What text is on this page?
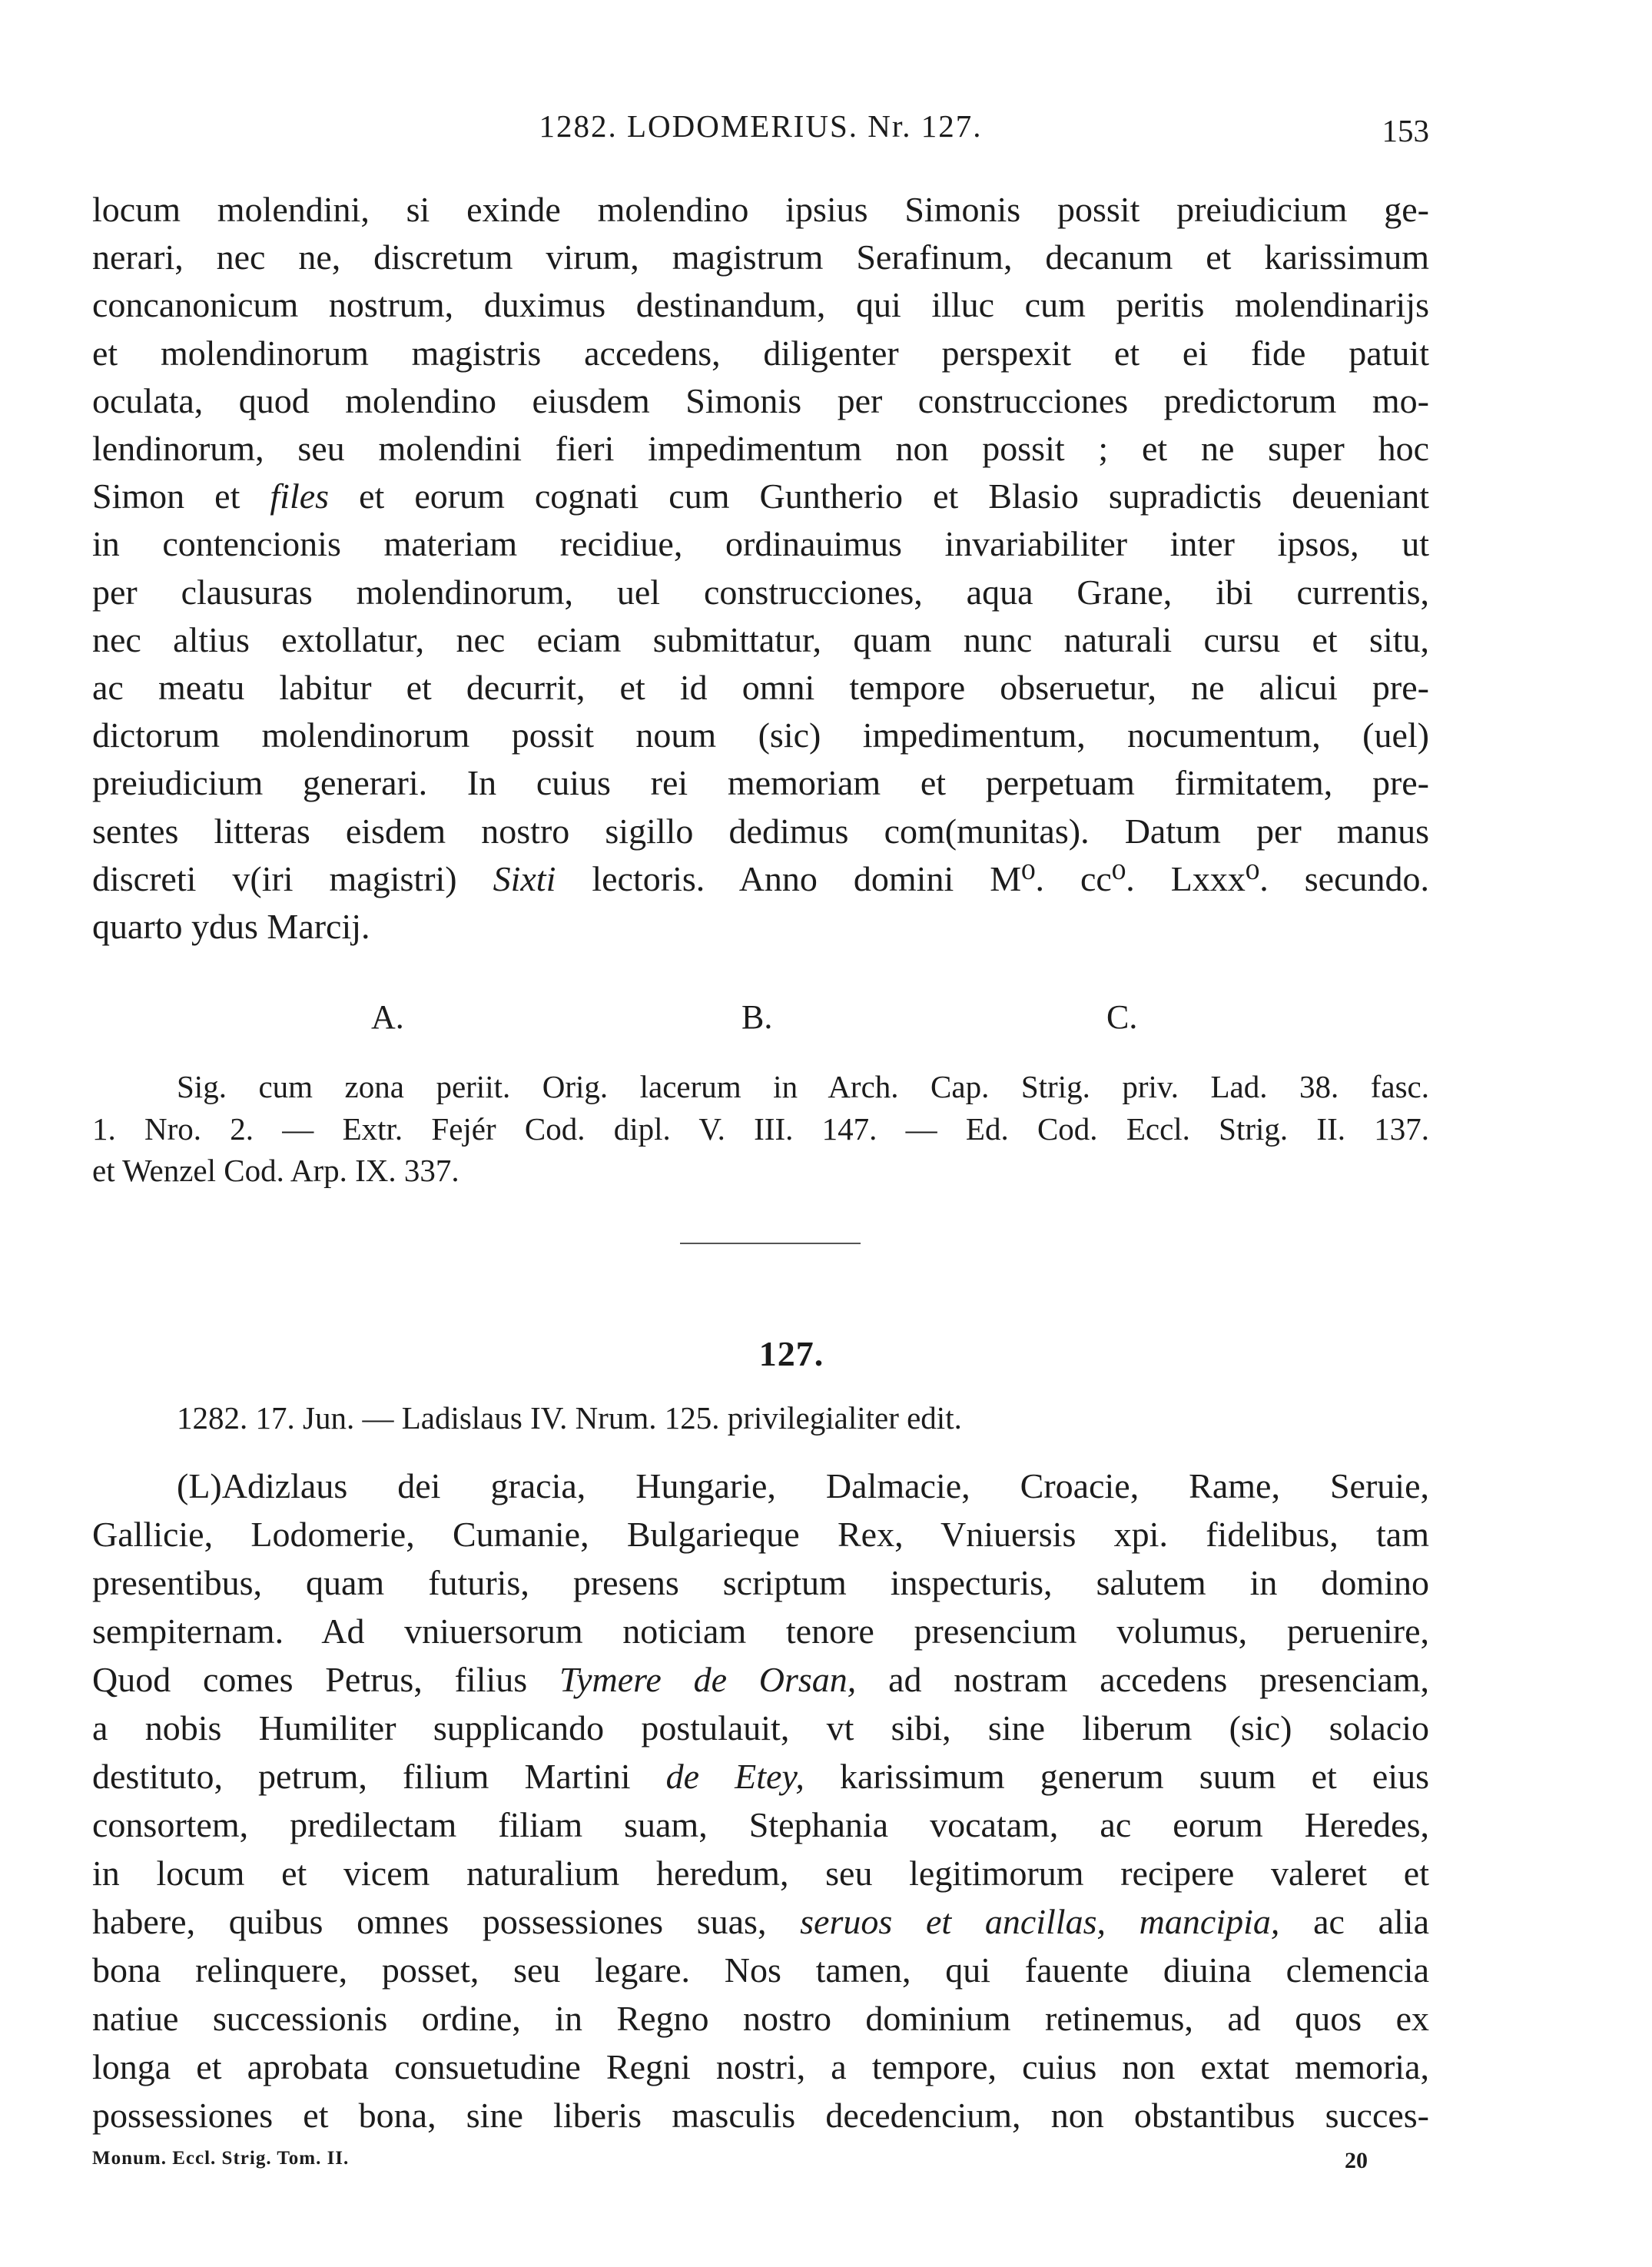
1282. LODOMERIUS. Nr. 127.	153
locum molendini, si exinde molendino ipsius Simonis possit preiudicium ge-
nerari, nec ne, discretum virum, magistrum Serafinum, decanum et karissimum
concanonicum nostrum, duximus destinandum, qui illuc cum peritis molendinarijs
et molendinorum magistris accedens, diligenter perspexit et ei fide patuit
oculata, quod molendino eiusdem Simonis per construcciones predictorum mo-
lendinorum, seu molendini fieri impedimentum non possit ; et ne super hoc
Simon et files et eorum cognati cum Guntherio et Blasio supradictis deueniant
in contencionis materiam recidiue, ordinauimus invariabiliter inter ipsos, ut
per clausuras molendinorum, uel construcciones, aqua Grane, ibi currentis,
nec altius extollatur, nec eciam submittatur, quam nunc naturali cursu et situ,
ac meatu labitur et decurrit, et id omni tempore obseruetur, ne alicui pre-
dictorum molendinorum possit noum (sic) impedimentum, nocumentum, (uel)
preiudicium generari. In cuius rei memoriam et perpetuam firmitatem, pre-
sentes litteras eisdem nostro sigillo dedimus com(munitas). Datum per manus
discreti v(iri magistri) Sixti lectoris. Anno domini M⁰. cc⁰. Lxxx⁰. secundo.
quarto ydus Marcij.
A.	B.	C.
Sig. cum zona periit. Orig. lacerum in Arch. Cap. Strig. priv. Lad. 38. fasc.
1. Nro. 2. — Extr. Fejér Cod. dipl. V. III. 147. — Ed. Cod. Eccl. Strig. II. 137.
et Wenzel Cod. Arp. IX. 337.
127.
1282. 17. Jun. — Ladislaus IV. Nrum. 125. privilegialiter edit.
(L)Adizlaus dei gracia, Hungarie, Dalmacie, Croacie, Rame, Seruie,
Gallicie, Lodomerie, Cumanie, Bulgarieque Rex, Vniuersis xpi. fidelibus, tam
presentibus, quam futuris, presens scriptum inspecturis, salutem in domino
sempiternam. Ad vniuersorum noticiam tenore presencium volumus, peruenire,
Quod comes Petrus, filius Tymere de Orsan, ad nostram accedens presenciam,
a nobis Humiliter supplicando postulauit, vt sibi, sine liberum (sic) solacio
destituto, petrum, filium Martini de Etey, karissimum generum suum et eius
consortem, predilectam filiam suam, Stephania vocatam, ac eorum Heredes,
in locum et vicem naturalium heredum, seu legitimorum recipere valeret et
habere, quibus omnes possessiones suas, seruos et ancillas, mancipia, ac alia
bona relinquere, posset, seu legare. Nos tamen, qui fauente diuina clemencia
natiue successionis ordine, in Regno nostro dominium retinemus, ad quos ex
longa et aprobata consuetudine Regni nostri, a tempore, cuius non extat memoria,
possessiones et bona, sine liberis masculis decedencium, non obstantibus succes-
Monum. Eccl. Strig. Tom. II.	20
